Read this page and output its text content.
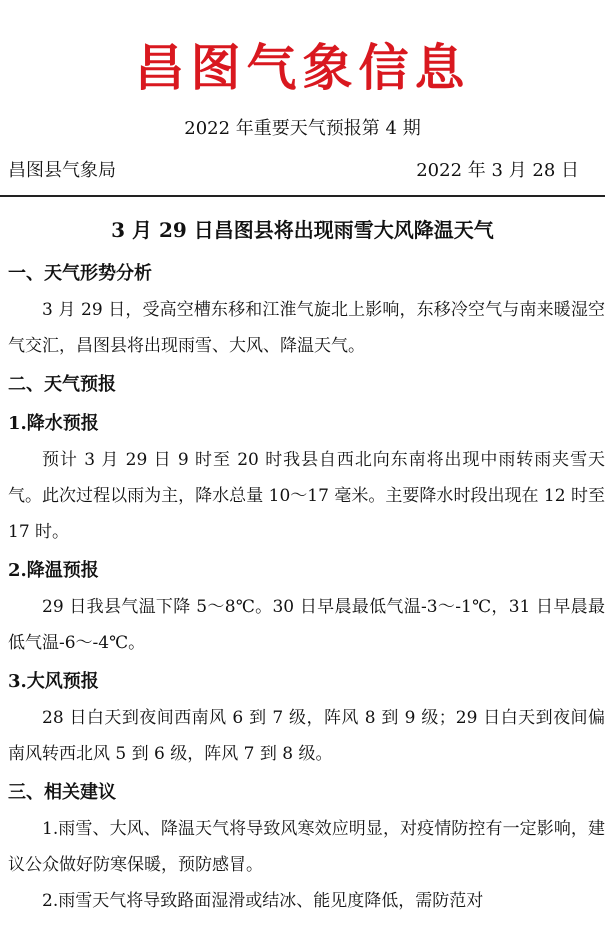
昌图气象信息
2022 年重要天气预报第 4 期
昌图县气象局	2022 年 3 月 28 日
3 月 29 日昌图县将出现雨雪大风降温天气
一、天气形势分析

3 月 29 日，受高空槽东移和江淮气旋北上影响，东移冷空气与南来暖湿空气交汇，昌图县将出现雨雪、大风、降温天气。

二、天气预报
1.降水预报

预计 3 月 29 日 9 时至 20 时我县自西北向东南将出现中雨转雨夹雪天气。此次过程以雨为主，降水总量 10～17 毫米。主要降水时段出现在 12 时至 17 时。

2.降温预报

29 日我县气温下降 5～8℃。30 日早晨最低气温-3～-1℃，31 日早晨最低气温-6～-4℃。

3.大风预报

28 日白天到夜间西南风 6 到 7 级，阵风 8 到 9 级；29 日白天到夜间偏南风转西北风 5 到 6 级，阵风 7 到 8 级。

三、相关建议

1.雨雪、大风、降温天气将导致风寒效应明显，对疫情防控有一定影响，建议公众做好防寒保暖，预防感冒。

2.雨雪天气将导致路面湿滑或结冰、能见度降低，需防范对
